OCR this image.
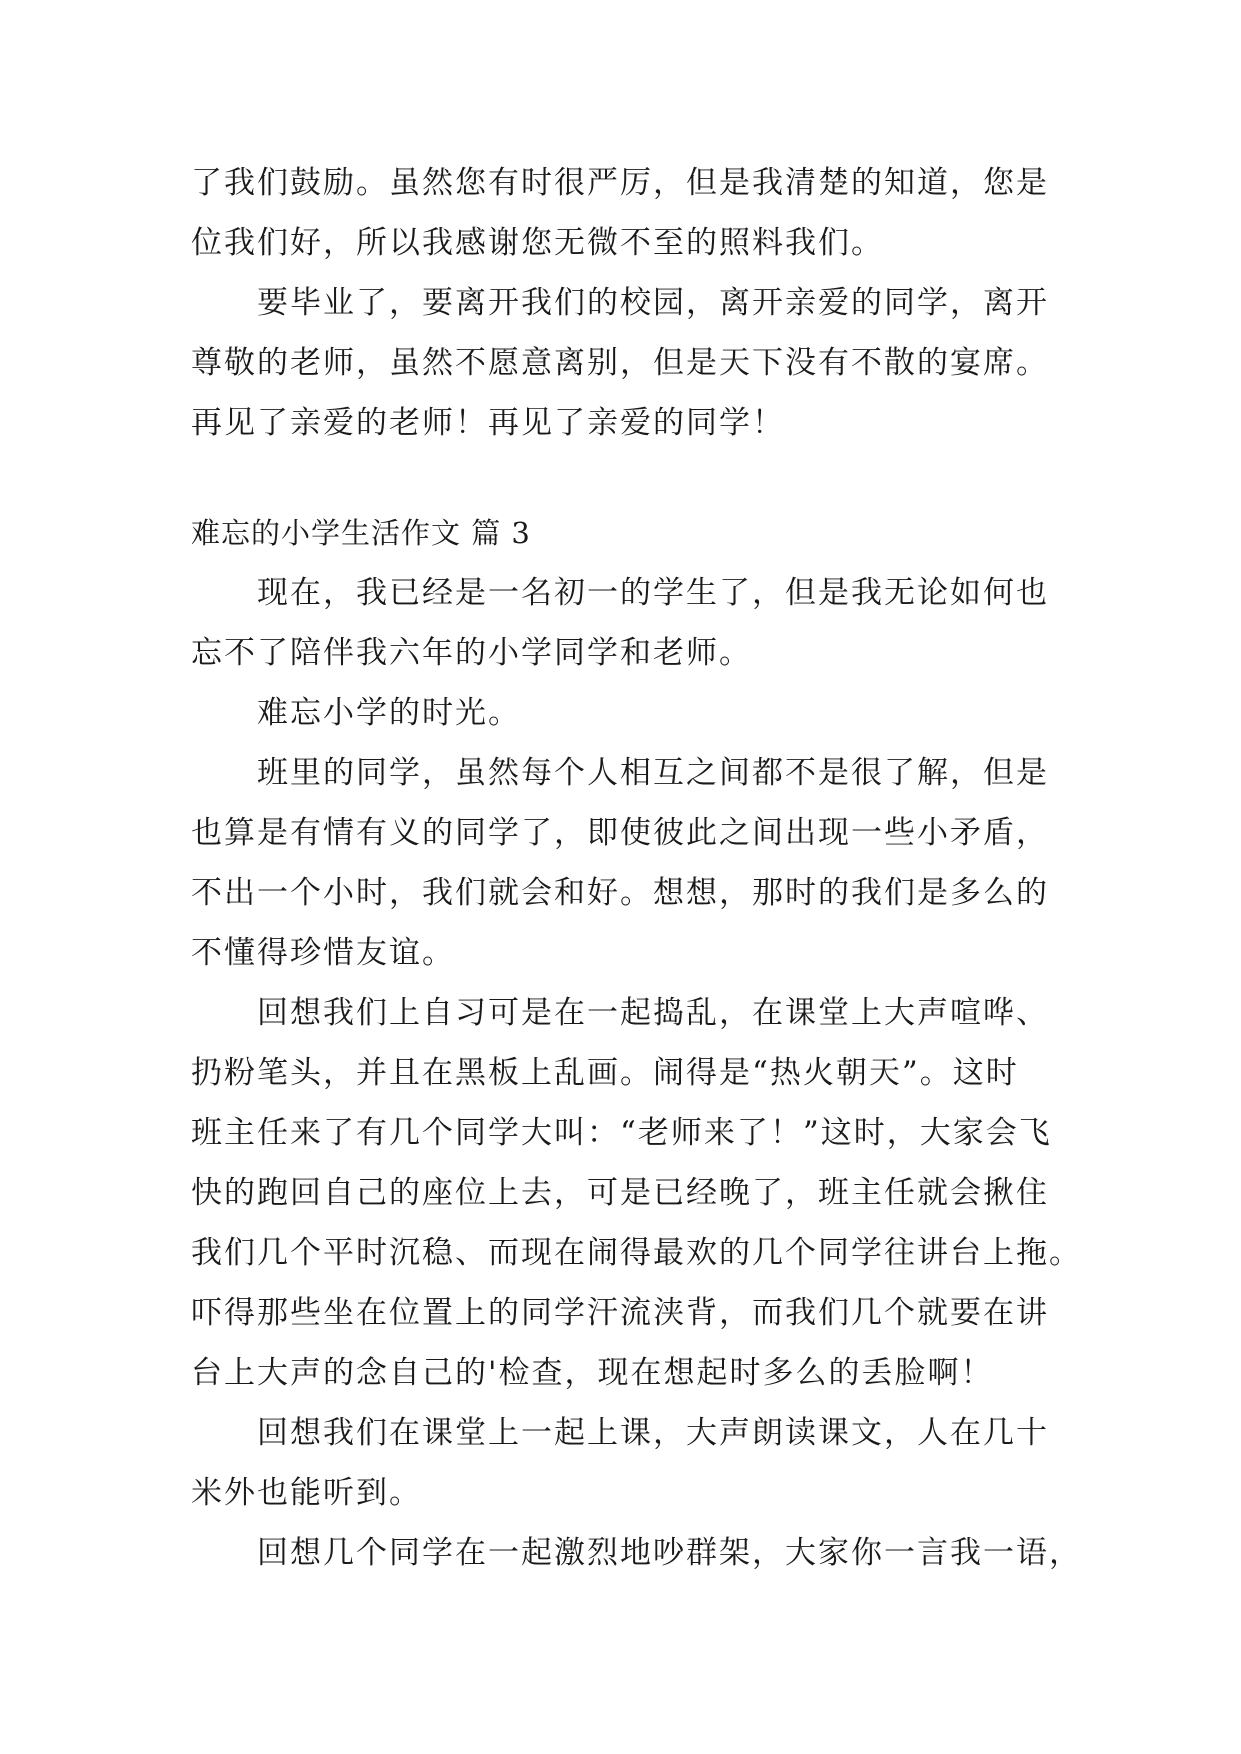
了我们鼓励。虽然您有时很严厉，但是我清楚的知道，您是
位我们好，所以我感谢您无微不至的照料我们。
要毕业了，要离开我们的校园，离开亲爱的同学，离开
尊敬的老师，虽然不愿意离别，但是天下没有不散的宴席。
再见了亲爱的老师！再见了亲爱的同学！
难忘的小学生活作文 篇 3
现在，我已经是一名初一的学生了，但是我无论如何也
忘不了陪伴我六年的小学同学和老师。
难忘小学的时光。
班里的同学，虽然每个人相互之间都不是很了解，但是
也算是有情有义的同学了，即使彼此之间出现一些小矛盾，
不出一个小时，我们就会和好。想想，那时的我们是多么的
不懂得珍惜友谊。
回想我们上自习可是在一起捣乱，在课堂上大声喧哗、
扔粉笔头，并且在黑板上乱画。闹得是“热火朝天”。这时
班主任来了有几个同学大叫：“老师来了！”这时，大家会飞
快的跑回自己的座位上去，可是已经晚了，班主任就会揪住
我们几个平时沉稳、而现在闹得最欢的几个同学往讲台上拖。
吓得那些坐在位置上的同学汗流浃背，而我们几个就要在讲
台上大声的念自己的'检查，现在想起时多么的丢脸啊！
回想我们在课堂上一起上课，大声朗读课文，人在几十
米外也能听到。
回想几个同学在一起激烈地吵群架，大家你一言我一语，
